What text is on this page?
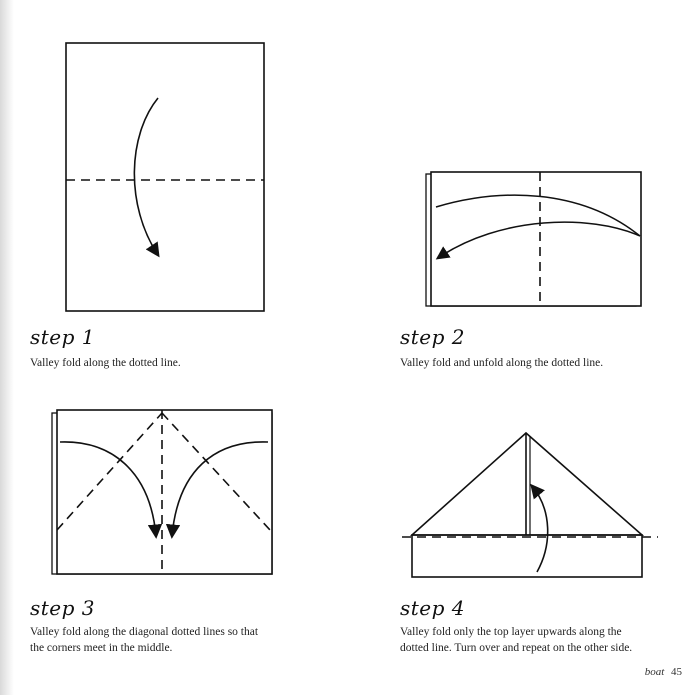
step 1
Valley fold along the dotted line.
step 2
Valley fold and unfold along the dotted line.
step 3
Valley fold along the diagonal dotted lines so that
the corners meet in the middle.
step 4
Valley fold only the top layer upwards along the
dotted line. Turn over and repeat on the other side.
boat 45
